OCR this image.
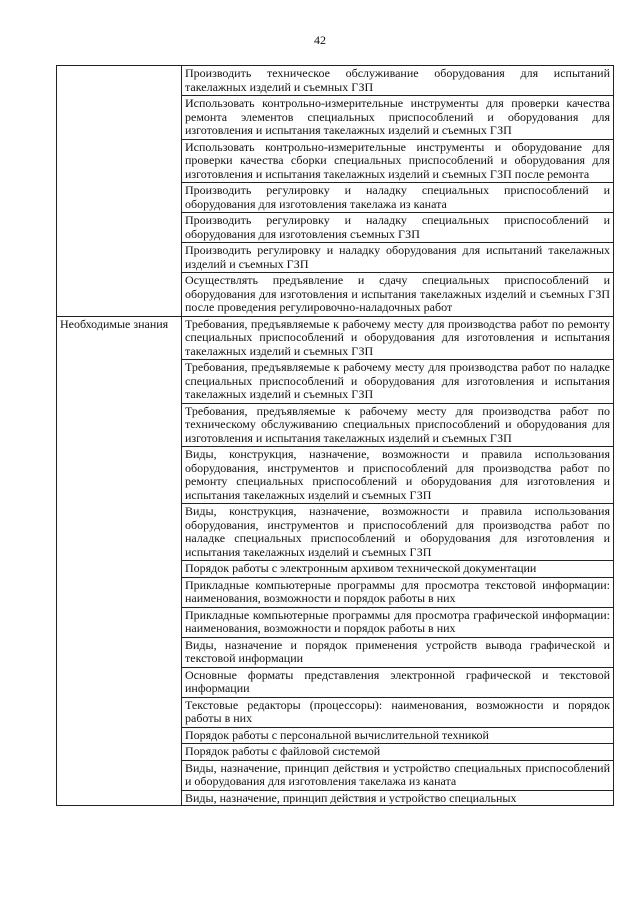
42
	Производить техническое обслуживание оборудования для испытаний такелажных изделий и съемных ГЗП
	Использовать контрольно-измерительные инструменты для проверки качества ремонта элементов специальных приспособлений и оборудования для изготовления и испытания такелажных изделий и съемных ГЗП
	Использовать контрольно-измерительные инструменты и оборудование для проверки качества сборки специальных приспособлений и оборудования для изготовления и испытания такелажных изделий и съемных ГЗП после ремонта
	Производить регулировку и наладку специальных приспособлений и оборудования для изготовления такелажа из каната
	Производить регулировку и наладку специальных приспособлений и оборудования для изготовления съемных ГЗП
	Производить регулировку и наладку оборудования для испытаний такелажных изделий и съемных ГЗП
	Осуществлять предъявление и сдачу специальных приспособлений и оборудования для изготовления и испытания такелажных изделий и съемных ГЗП после проведения регулировочно-наладочных работ
Необходимые знания	Требования, предъявляемые к рабочему месту для производства работ по ремонту специальных приспособлений и оборудования для изготовления и испытания такелажных изделий и съемных ГЗП
	Требования, предъявляемые к рабочему месту для производства работ по наладке специальных приспособлений и оборудования для изготовления и испытания такелажных изделий и съемных ГЗП
	Требования, предъявляемые к рабочему месту для производства работ по техническому обслуживанию специальных приспособлений и оборудования для изготовления и испытания такелажных изделий и съемных ГЗП
	Виды, конструкция, назначение, возможности и правила использования оборудования, инструментов и приспособлений для производства работ по ремонту специальных приспособлений и оборудования для изготовления и испытания такелажных изделий и съемных ГЗП
	Виды, конструкция, назначение, возможности и правила использования оборудования, инструментов и приспособлений для производства работ по наладке специальных приспособлений и оборудования для изготовления и испытания такелажных изделий и съемных ГЗП
	Порядок работы с электронным архивом технической документации
	Прикладные компьютерные программы для просмотра текстовой информации: наименования, возможности и порядок работы в них
	Прикладные компьютерные программы для просмотра графической информации: наименования, возможности и порядок работы в них
	Виды, назначение и порядок применения устройств вывода графической и текстовой информации
	Основные форматы представления электронной графической и текстовой информации
	Текстовые редакторы (процессоры): наименования, возможности и порядок работы в них
	Порядок работы с персональной вычислительной техникой
	Порядок работы с файловой системой
	Виды, назначение, принцип действия и устройство специальных приспособлений и оборудования для изготовления такелажа из каната

	Виды, назначение, принцип действия и устройство специальных
